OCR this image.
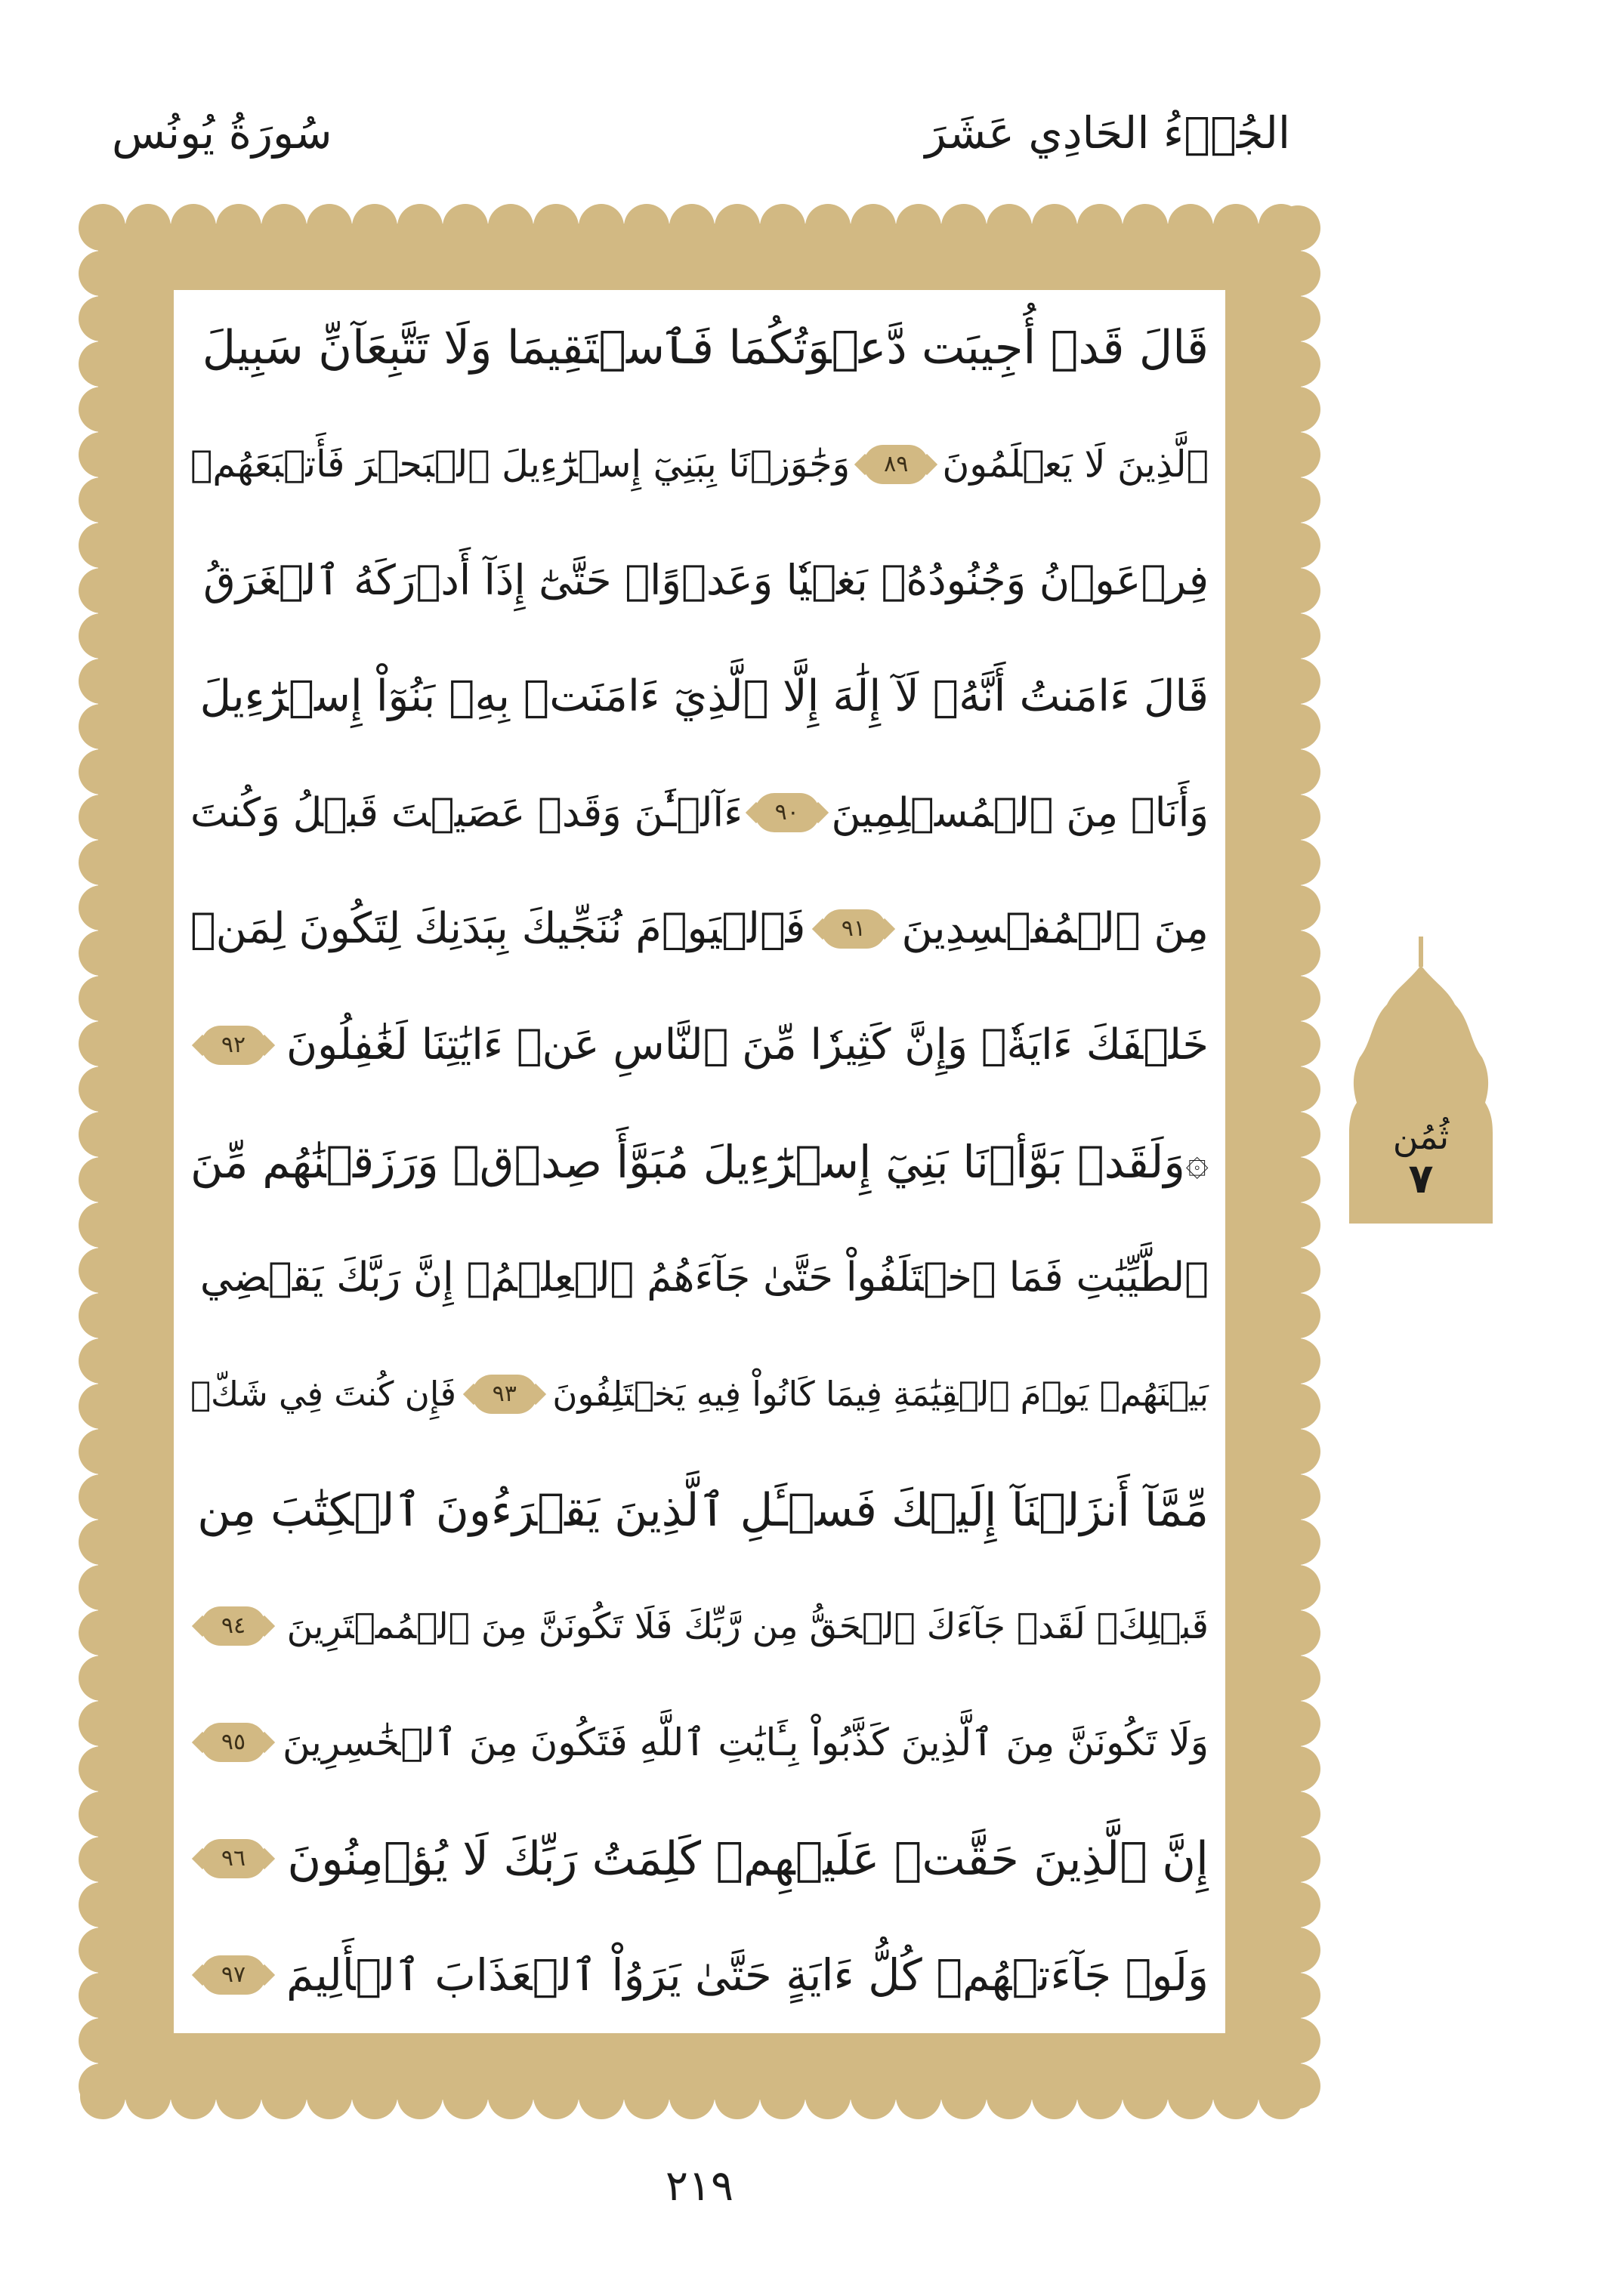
الجُزۡءُ الحَادِي عَشَرَ
سُورَةُ يُونُس
قَالَ قَدۡ أُجِيبَت دَّعۡوَتُكُمَا فَٱسۡتَقِيمَا وَلَا تَتَّبِعَآنِّ سَبِيلَ
ٱلَّذِينَ لَا يَعۡلَمُونَ
٨٩
وَجَٰوَزۡنَا بِبَنِيٓ إِسۡرَٰٓءِيلَ ٱلۡبَحۡرَ فَأَتۡبَعَهُمۡ
فِرۡعَوۡنُ وَجُنُودُهُۥ بَغۡيٗا وَعَدۡوًاۖ حَتَّىٰٓ إِذَآ أَدۡرَكَهُ ٱلۡغَرَقُ
قَالَ ءَامَنتُ أَنَّهُۥ لَآ إِلَٰهَ إِلَّا ٱلَّذِيٓ ءَامَنَتۡ بِهِۦ بَنُوٓاْ إِسۡرَٰٓءِيلَ
وَأَنَا۠ مِنَ ٱلۡمُسۡلِمِينَ
٩٠
ءَآلۡـَٰٔنَ وَقَدۡ عَصَيۡتَ قَبۡلُ وَكُنتَ
مِنَ ٱلۡمُفۡسِدِينَ
٩١
فَٱلۡيَوۡمَ نُنَجِّيكَ بِبَدَنِكَ لِتَكُونَ لِمَنۡ
خَلۡفَكَ ءَايَةٗۚ وَإِنَّ كَثِيرٗا مِّنَ ٱلنَّاسِ عَنۡ ءَايَٰتِنَا لَغَٰفِلُونَ
٩٢
۞
وَلَقَدۡ بَوَّأۡنَا بَنِيٓ إِسۡرَٰٓءِيلَ مُبَوَّأَ صِدۡقٖ وَرَزَقۡنَٰهُم مِّنَ
ٱلطَّيِّبَٰتِ فَمَا ٱخۡتَلَفُواْ حَتَّىٰ جَآءَهُمُ ٱلۡعِلۡمُۚ إِنَّ رَبَّكَ يَقۡضِي
بَيۡنَهُمۡ يَوۡمَ ٱلۡقِيَٰمَةِ فِيمَا كَانُواْ فِيهِ يَخۡتَلِفُونَ
٩٣
فَإِن كُنتَ فِي شَكّٖ
مِّمَّآ أَنزَلۡنَآ إِلَيۡكَ فَسۡـَٔلِ ٱلَّذِينَ يَقۡرَءُونَ ٱلۡكِتَٰبَ مِن
قَبۡلِكَۚ لَقَدۡ جَآءَكَ ٱلۡحَقُّ مِن رَّبِّكَ فَلَا تَكُونَنَّ مِنَ ٱلۡمُمۡتَرِينَ
٩٤
وَلَا تَكُونَنَّ مِنَ ٱلَّذِينَ كَذَّبُواْ بِـَٔايَٰتِ ٱللَّهِ فَتَكُونَ مِنَ ٱلۡخَٰسِرِينَ
٩٥
إِنَّ ٱلَّذِينَ حَقَّتۡ عَلَيۡهِمۡ كَلِمَتُ رَبِّكَ لَا يُؤۡمِنُونَ
٩٦
وَلَوۡ جَآءَتۡهُمۡ كُلُّ ءَايَةٍ حَتَّىٰ يَرَوُاْ ٱلۡعَذَابَ ٱلۡأَلِيمَ
٩٧
ثُمُن
٧
٢١٩
